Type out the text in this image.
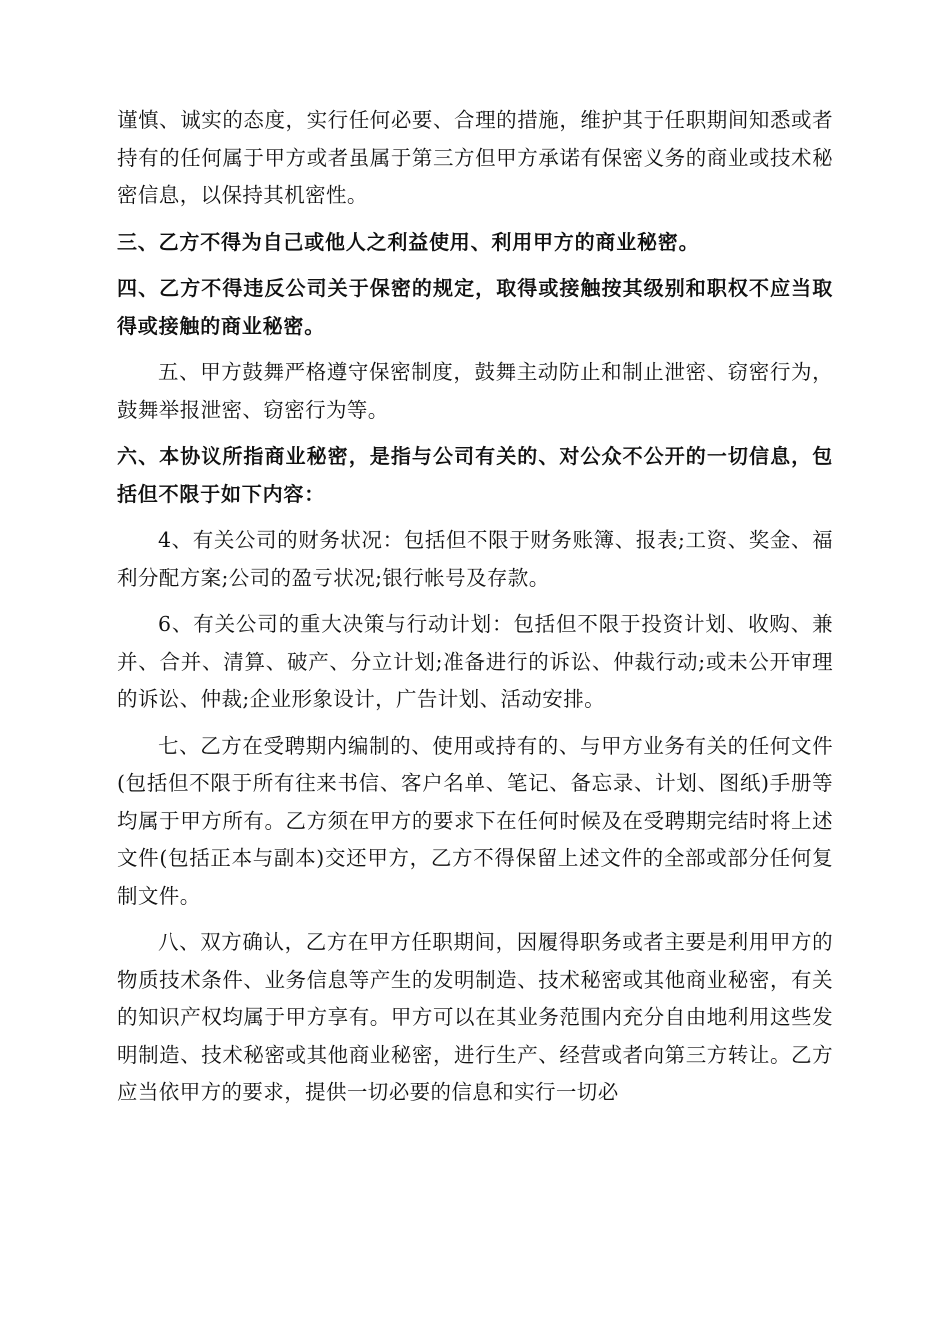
谨慎、诚实的态度，实行任何必要、合理的措施，维护其于任职期间知悉或者持有的任何属于甲方或者虽属于第三方但甲方承诺有保密义务的商业或技术秘密信息，以保持其机密性。

三、乙方不得为自己或他人之利益使用、利用甲方的商业秘密。

四、乙方不得违反公司关于保密的规定，取得或接触按其级别和职权不应当取得或接触的商业秘密。

五、甲方鼓舞严格遵守保密制度，鼓舞主动防止和制止泄密、窃密行为，鼓舞举报泄密、窃密行为等。

六、本协议所指商业秘密，是指与公司有关的、对公众不公开的一切信息，包括但不限于如下内容：

4、有关公司的财务状况：包括但不限于财务账簿、报表;工资、奖金、福利分配方案;公司的盈亏状况;银行帐号及存款。

6、有关公司的重大决策与行动计划：包括但不限于投资计划、收购、兼并、合并、清算、破产、分立计划;准备进行的诉讼、仲裁行动;或未公开审理的诉讼、仲裁;企业形象设计，广告计划、活动安排。

七、乙方在受聘期内编制的、使用或持有的、与甲方业务有关的任何文件(包括但不限于所有往来书信、客户名单、笔记、备忘录、计划、图纸)手册等均属于甲方所有。乙方须在甲方的要求下在任何时候及在受聘期完结时将上述文件(包括正本与副本)交还甲方，乙方不得保留上述文件的全部或部分任何复制文件。

八、双方确认，乙方在甲方任职期间，因履得职务或者主要是利用甲方的物质技术条件、业务信息等产生的发明制造、技术秘密或其他商业秘密，有关的知识产权均属于甲方享有。甲方可以在其业务范围内充分自由地利用这些发明制造、技术秘密或其他商业秘密，进行生产、经营或者向第三方转让。乙方应当依甲方的要求，提供一切必要的信息和实行一切必
